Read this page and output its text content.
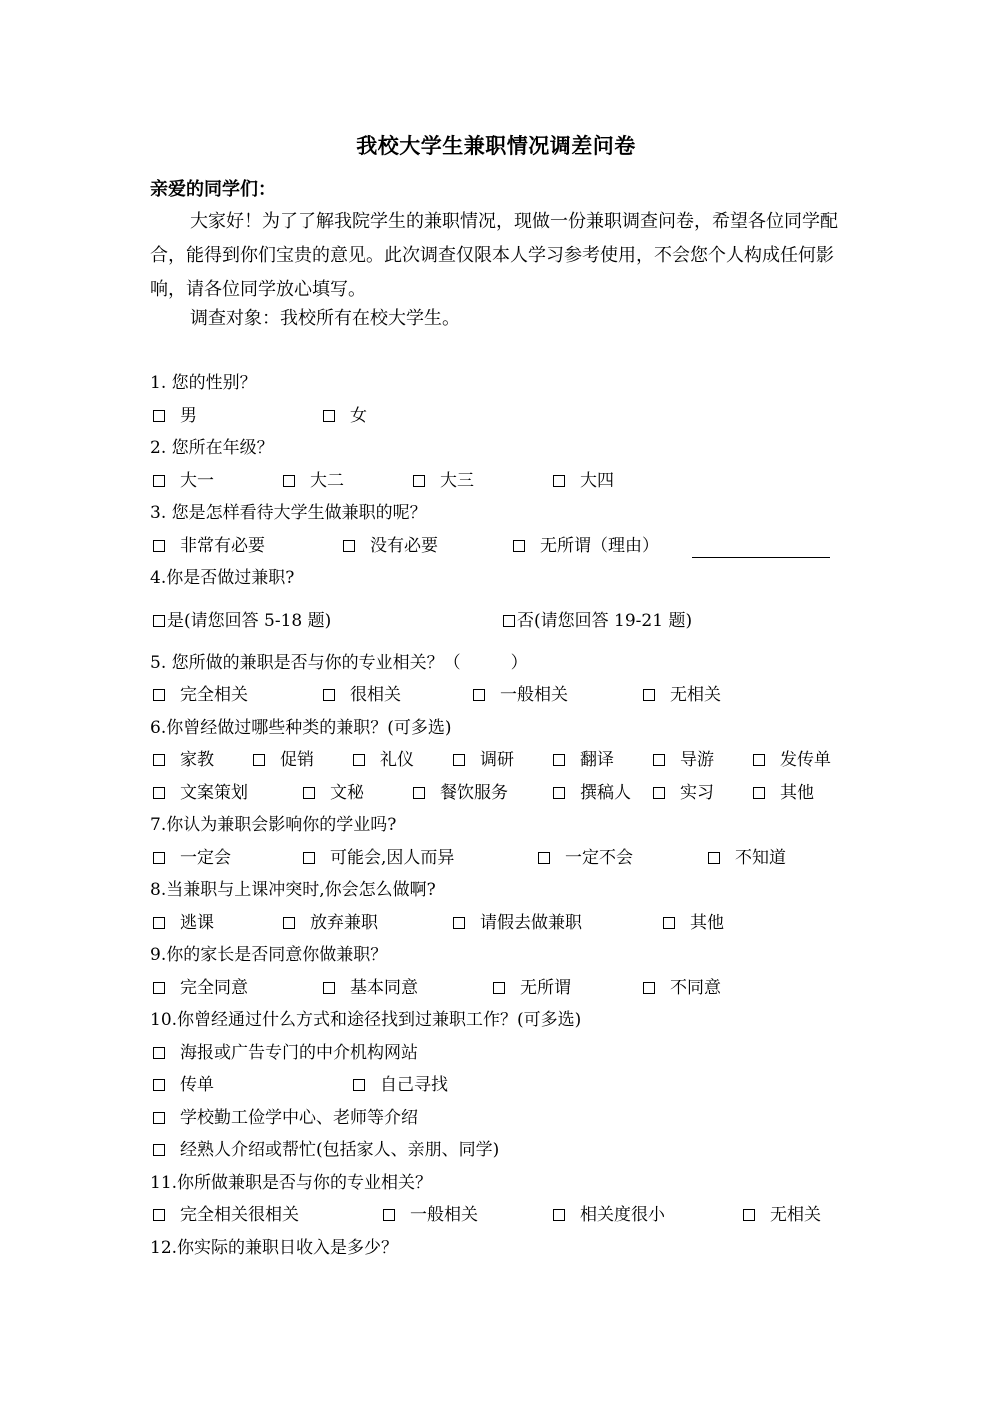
我校大学生兼职情况调差问卷
亲爱的同学们：
大家好！为了了解我院学生的兼职情况，现做一份兼职调查问卷，希望各位同学配合，能得到你们宝贵的意见。此次调查仅限本人学习参考使用，不会您个人构成任何影响，请各位同学放心填写。
调查对象：我校所有在校大学生。
1. 您的性别？
男	女
2. 您所在年级？
大一	大二	大三	大四
3. 您是怎样看待大学生做兼职的呢？
非常有必要	没有必要	无所谓（理由）
4.你是否做过兼职?
是(请您回答 5-18 题)	否(请您回答 19-21 题)
5. 您所做的兼职是否与你的专业相关？（	）
完全相关	很相关	一般相关	无相关
6.你曾经做过哪些种类的兼职？(可多选)
家教	促销	礼仪	调研	翻译	导游	发传单
文案策划	文秘	餐饮服务	撰稿人	实习	其他
7.你认为兼职会影响你的学业吗?
一定会	可能会,因人而异	一定不会	不知道
8.当兼职与上课冲突时,你会怎么做啊?
逃课	放弃兼职	请假去做兼职	其他
9.你的家长是否同意你做兼职？
完全同意	基本同意	无所谓	不同意
10.你曾经通过什么方式和途径找到过兼职工作？(可多选)
海报或广告专门的中介机构网站
传单	自己寻找
学校勤工俭学中心、老师等介绍
经熟人介绍或帮忙(包括家人、亲朋、同学)
11.你所做兼职是否与你的专业相关？
完全相关很相关	一般相关	相关度很小	无相关
12.你实际的兼职日收入是多少？
